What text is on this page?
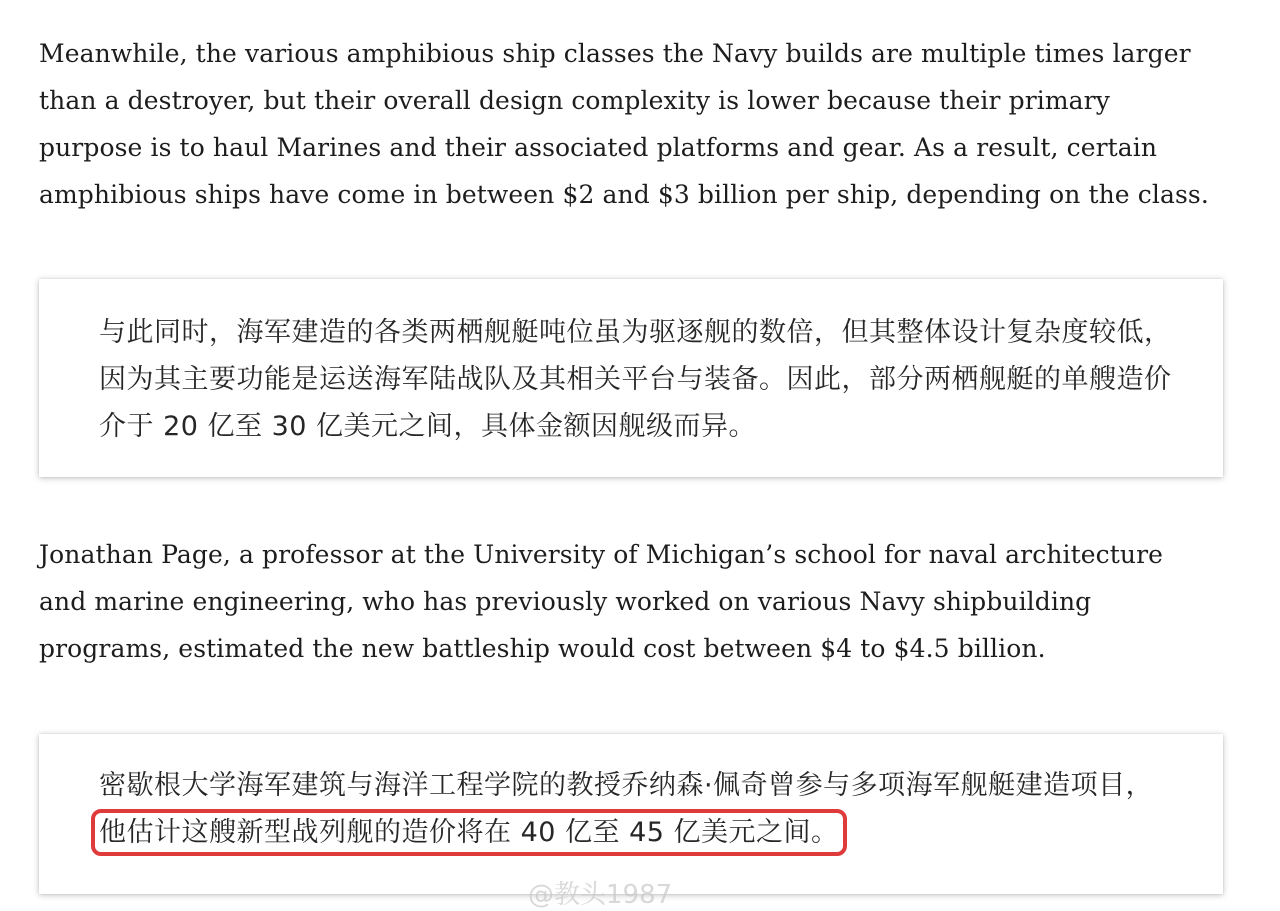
Meanwhile, the various amphibious ship classes the Navy builds are multiple times larger than a destroyer, but their overall design complexity is lower because their primary purpose is to haul Marines and their associated platforms and gear. As a result, certain amphibious ships have come in between $2 and $3 billion per ship, depending on the class.

与此同时，海军建造的各类两栖舰艇吨位虽为驱逐舰的数倍，但其整体设计复杂度较低，因为其主要功能是运送海军陆战队及其相关平台与装备。因此，部分两栖舰艇的单艘造价介于 20 亿至 30 亿美元之间，具体金额因舰级而异。

Jonathan Page, a professor at the University of Michigan’s school for naval architecture and marine engineering, who has previously worked on various Navy shipbuilding programs, estimated the new battleship would cost between $4 to $4.5 billion.

密歇根大学海军建筑与海洋工程学院的教授乔纳森·佩奇曾参与多项海军舰艇建造项目，他估计这艘新型战列舰的造价将在 40 亿至 45 亿美元之间。

@教头1987
